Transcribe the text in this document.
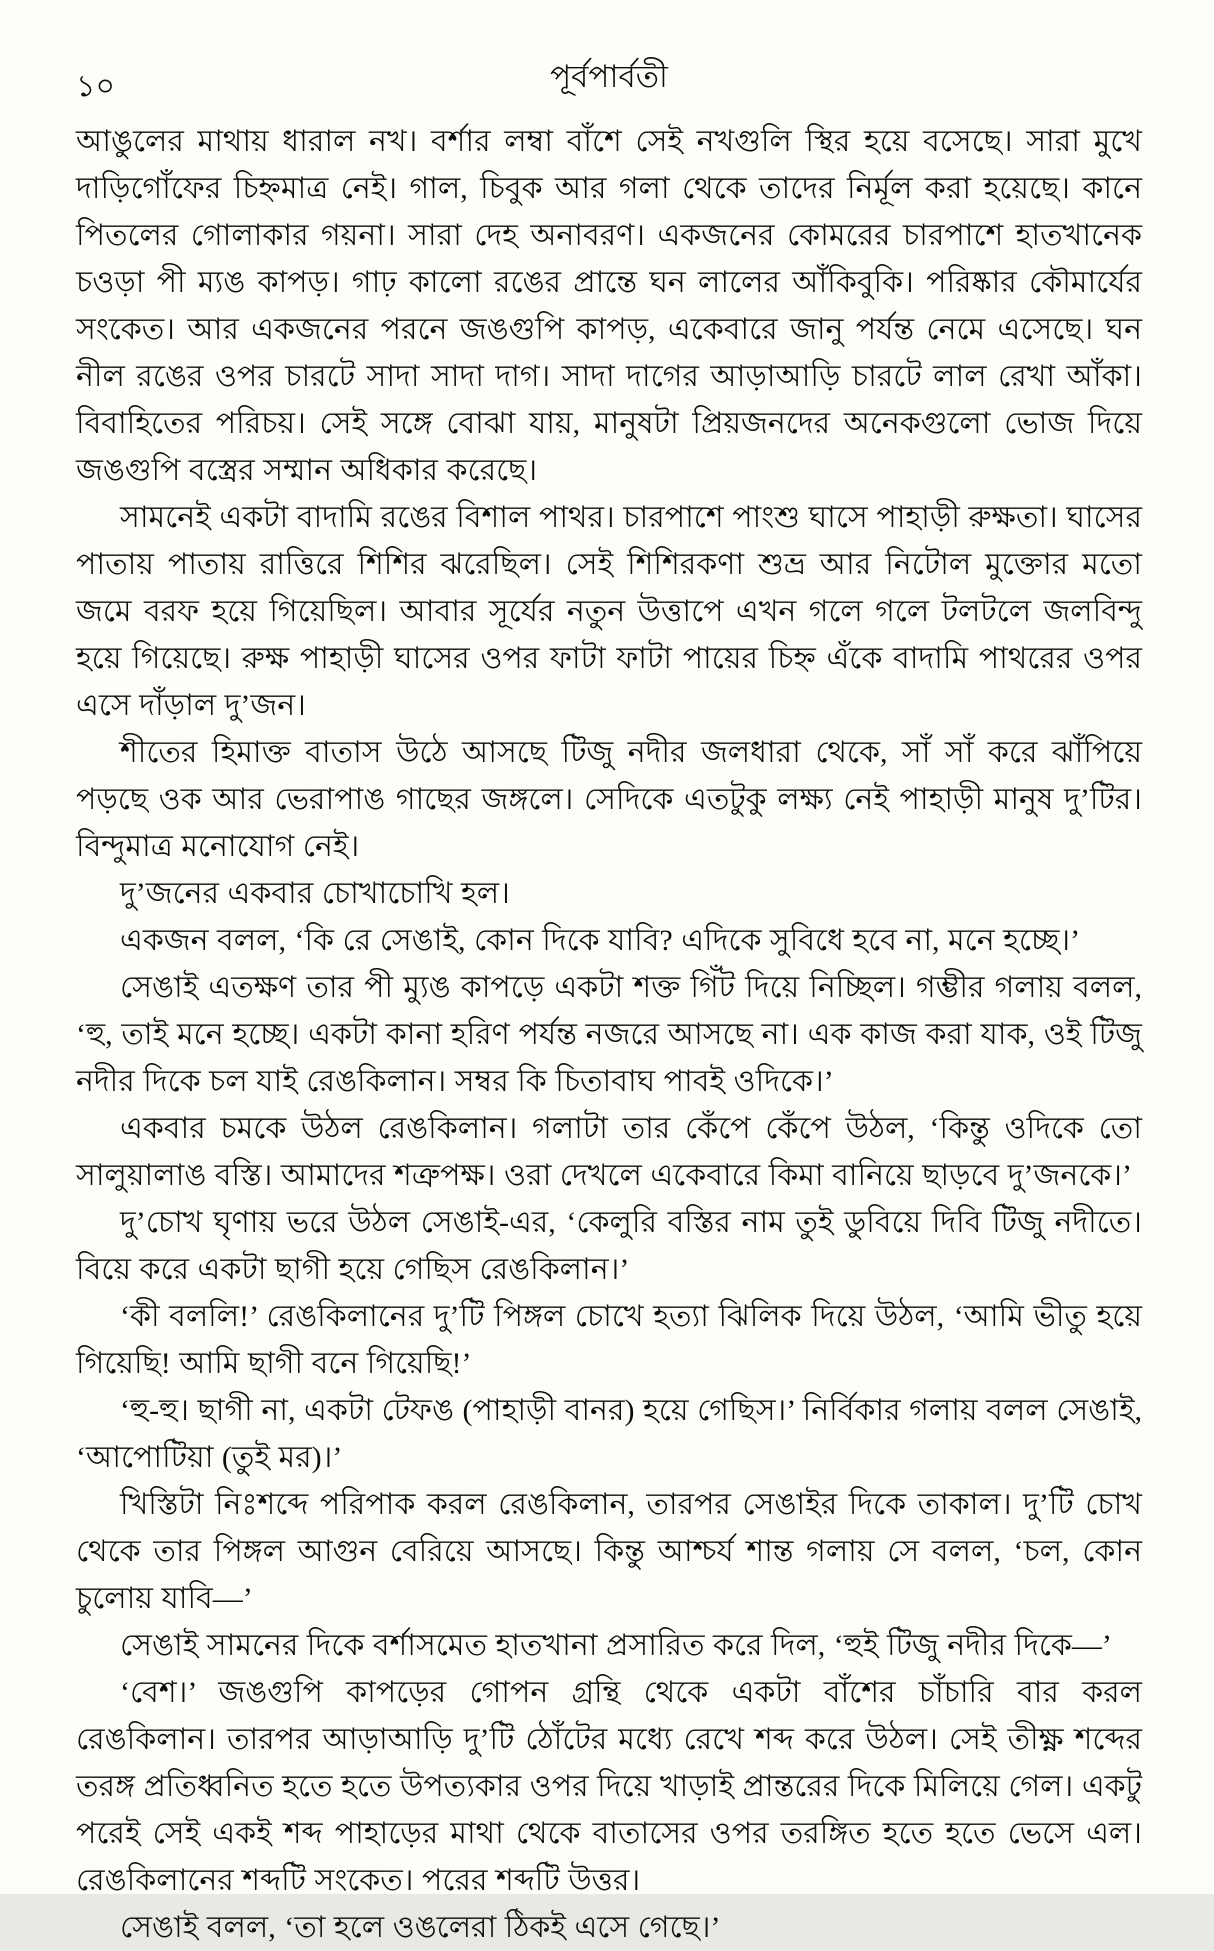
১০	পূর্বপার্বতী

আঙুলের মাথায় ধারাল নখ। বর্শার লম্বা বাঁশে সেই নখগুলি স্থির হয়ে বসেছে। সারা মুখে দাড়িগোঁফের চিহ্নমাত্র নেই। গাল, চিবুক আর গলা থেকে তাদের নির্মূল করা হয়েছে। কানে পিতলের গোলাকার গয়না। সারা দেহ অনাবরণ। একজনের কোমরের চারপাশে হাতখানেক চওড়া পী ম্যঙ কাপড়। গাঢ় কালো রঙের প্রান্তে ঘন লালের আঁকিবুকি। পরিষ্কার কৌমার্যের সংকেত। আর একজনের পরনে জঙগুপি কাপড়, একেবারে জানু পর্যন্ত নেমে এসেছে। ঘন নীল রঙের ওপর চারটে সাদা সাদা দাগ। সাদা দাগের আড়াআড়ি চারটে লাল রেখা আঁকা। বিবাহিতের পরিচয়। সেই সঙ্গে বোঝা যায়, মানুষটা প্রিয়জনদের অনেকগুলো ভোজ দিয়ে জঙগুপি বস্ত্রের সম্মান অধিকার করেছে।

সামনেই একটা বাদামি রঙের বিশাল পাথর। চারপাশে পাংশু ঘাসে পাহাড়ী রুক্ষতা। ঘাসের পাতায় পাতায় রাত্তিরে শিশির ঝরেছিল। সেই শিশিরকণা শুভ্র আর নিটোল মুক্তোর মতো জমে বরফ হয়ে গিয়েছিল। আবার সূর্যের নতুন উত্তাপে এখন গলে গলে টলটলে জলবিন্দু হয়ে গিয়েছে। রুক্ষ পাহাড়ী ঘাসের ওপর ফাটা ফাটা পায়ের চিহ্ন এঁকে বাদামি পাথরের ওপর এসে দাঁড়াল দু’জন।

শীতের হিমাক্ত বাতাস উঠে আসছে টিজু নদীর জলধারা থেকে, সাঁ সাঁ করে ঝাঁপিয়ে পড়ছে ওক আর ভেরাপাঙ গাছের জঙ্গলে। সেদিকে এতটুকু লক্ষ্য নেই পাহাড়ী মানুষ দু’টির। বিন্দুমাত্র মনোযোগ নেই।

দু’জনের একবার চোখাচোখি হল।

একজন বলল, ‘কি রে সেঙাই, কোন দিকে যাবি? এদিকে সুবিধে হবে না, মনে হচ্ছে।’

সেঙাই এতক্ষণ তার পী ম্যুঙ কাপড়ে একটা শক্ত গিঁট দিয়ে নিচ্ছিল। গম্ভীর গলায় বলল, ‘হু, তাই মনে হচ্ছে। একটা কানা হরিণ পর্যন্ত নজরে আসছে না। এক কাজ করা যাক, ওই টিজু নদীর দিকে চল যাই রেঙকিলান। সম্বর কি চিতাবাঘ পাবই ওদিকে।’

একবার চমকে উঠল রেঙকিলান। গলাটা তার কেঁপে কেঁপে উঠল, ‘কিন্তু ওদিকে তো সালুয়ালাঙ বস্তি। আমাদের শত্রুপক্ষ। ওরা দেখলে একেবারে কিমা বানিয়ে ছাড়বে দু’জনকে।’

দু’চোখ ঘৃণায় ভরে উঠল সেঙাই-এর, ‘কেলুরি বস্তির নাম তুই ডুবিয়ে দিবি টিজু নদীতে। বিয়ে করে একটা ছাগী হয়ে গেছিস রেঙকিলান।’

‘কী বললি!’ রেঙকিলানের দু’টি পিঙ্গল চোখে হত্যা ঝিলিক দিয়ে উঠল, ‘আমি ভীতু হয়ে গিয়েছি! আমি ছাগী বনে গিয়েছি!’

‘হু-হু। ছাগী না, একটা টেফঙ (পাহাড়ী বানর) হয়ে গেছিস।’ নির্বিকার গলায় বলল সেঙাই, ‘আপোটিয়া (তুই মর)।’

খিস্তিটা নিঃশব্দে পরিপাক করল রেঙকিলান, তারপর সেঙাইর দিকে তাকাল। দু’টি চোখ থেকে তার পিঙ্গল আগুন বেরিয়ে আসছে। কিন্তু আশ্চর্য শান্ত গলায় সে বলল, ‘চল, কোন চুলোয় যাবি—’

সেঙাই সামনের দিকে বর্শাসমেত হাতখানা প্রসারিত করে দিল, ‘হুই টিজু নদীর দিকে—’

‘বেশ।’ জঙগুপি কাপড়ের গোপন গ্রন্থি থেকে একটা বাঁশের চাঁচারি বার করল রেঙকিলান। তারপর আড়াআড়ি দু’টি ঠোঁটের মধ্যে রেখে শব্দ করে উঠল। সেই তীক্ষ্ণ শব্দের তরঙ্গ প্রতিধ্বনিত হতে হতে উপত্যকার ওপর দিয়ে খাড়াই প্রান্তরের দিকে মিলিয়ে গেল। একটু পরেই সেই একই শব্দ পাহাড়ের মাথা থেকে বাতাসের ওপর তরঙ্গিত হতে হতে ভেসে এল। রেঙকিলানের শব্দটি সংকেত। পরের শব্দটি উত্তর।

সেঙাই বলল, ‘তা হলে ওঙলেরা ঠিকই এসে গেছে।’
